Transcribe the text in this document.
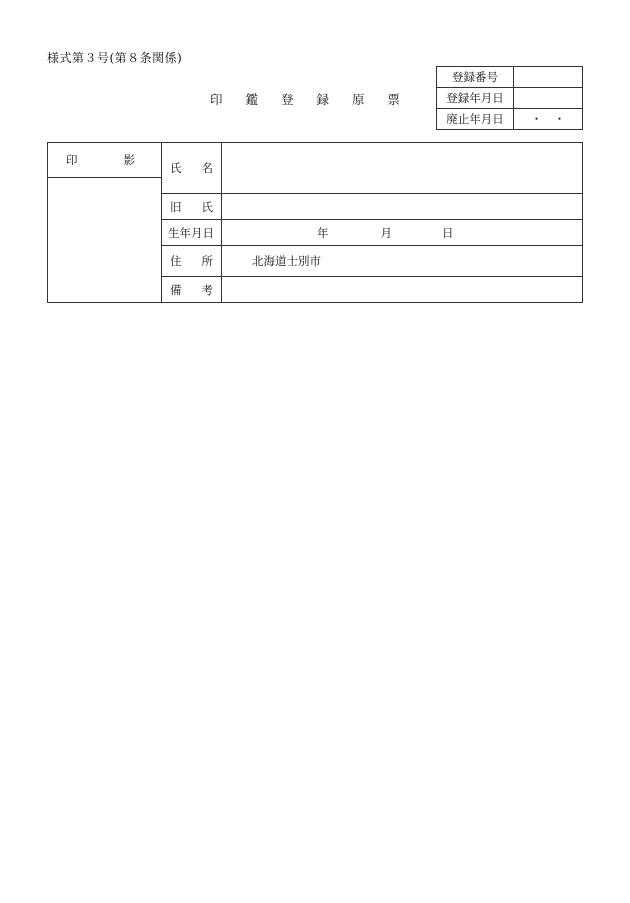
様式第３号(第８条関係)
印 鑑 登 録 原 票
登録番号	
登録年月日	
廃止年月日	・　・
印 影	氏 名	

	旧 氏	

	生年月日	年 月 日

	住 所	北海道士別市

	備 考	
